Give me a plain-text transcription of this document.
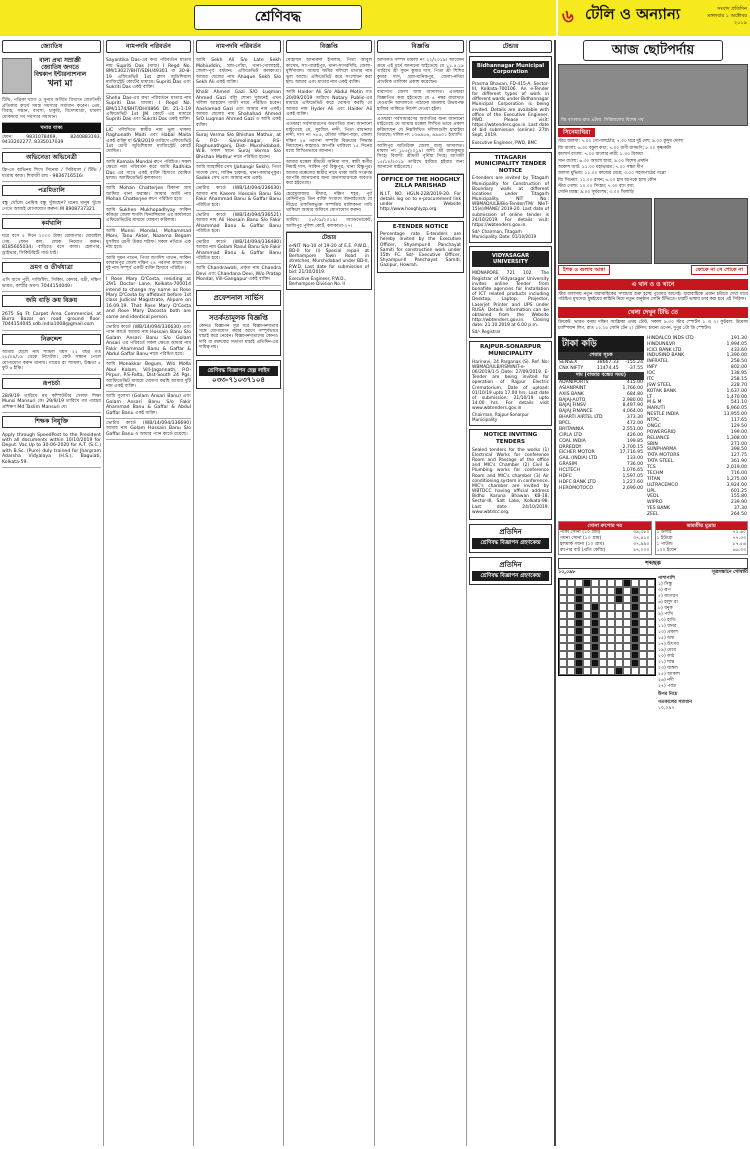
শ্রেণিবদ্ধ	৬ টেলি ও অন্যান্য	সংবাদ প্রতিদিন মঙ্গলবার ১ অক্টোবর ২০১৯
জ্যোতিষ
বাল্য প্রথা সম্রাজ্ঞী
জ্যোতিষ জগতে
বিশ্বকাপ ইন্টারন্যাশনাল
খনা মা
টিভি, পত্রিকা খ্যাত ও সুনাম অর্জিত বিখ্যাত জ্যোতিষী প্রতিকার কার্যে সমস্ত সমস্যার সমাধান করেন। প্রেম, বিবাহ, সন্তান, ব্যবসা, চাকুরি, বিদেশযাত্রা, মামলা মোকদ্দমা সব সমস্যার সমাধান।
খনার বাক্য
ফোন: 9831078469, 8240883193, 9433202277, 8335017039
অভিনেতা অভিনেত্রী
ফ্রি-তে অভিনয় শিখে সিনেমা / সিরিয়াল / টিভি / যাত্রায় কাজ। শিবাজী রায় - 9836716516।
পত্রমিতালি
বন্ধু খোঁজে প্রেমিক বন্ধু খুঁজছেন? মনের মানুষ খুঁজে পেতে আজই যোগাযোগ করুন। M 8908737321
কর্মখালি
ঘরে বসে ৫ দিনে ২০০০ টাকা রোজগার। মোবাইল গেম, ফোন কল, লোক নিয়োগ করুন। 8185605034। বাড়িতে বসে কাজ। হেলপার, ড্রাইভার, সিকিউরিটি গার্ড চাই।
ভ্রমণ ও তীর্থযাত্রা
এসি বাসে পুরী, দার্জিলিং, সিকিম, কেদার, বদ্রী, দক্ষিণ ভারত, কাশ্মীর ভ্রমণ। 7044154049।
জমি বাড়ি ক্রয় বিক্রয়
2675 Sq Ft Carpet Area Commercial, at Burra Bazar on road ground floor. 7044154045 sdb.india1008@gmail.com
নিরুদ্দেশ
আমার ছেলে নাম শ্যামল বয়স ২২ বছর গত ২৮/০৯/১৯ থেকে নিখোঁজ। কেউ সন্ধান পেলে যোগাযোগ করুন থানায়। গায়ের রং শ্যামলা, উচ্চতা ৫ ফুট ৬ ইঞ্চি।
রূপচর্চা
28/9/19 তারিখে মম কম্পিউটার সেলফ শিক্ষা Munsi Mansuri কে। 29/9/19 তারিখে গম পারচয় প্রশিক্ষণ Md Taslim Mansuri যে।
শিক্ষক নিযুক্তি
Apply through SpeedPost to the President with all documents within 10/10/2019 for Deput. Vac.Up to 30-06-2020 for A.T. (S.C.) with B.Sc. (Pure) duly trained for Jhargram Adarsha Vidyalaya (H.S.), Baguiati, Kolkata-59.
নামপদবি পরিবর্তন
Sayantika Das-এর কথা পরিবর্তনে মাতার নাম Supriti Das (মাধ্য) I Regd No. 8M/13027/BHT/SDH/49301 বা 30-8-19 এফিডেভিট 1st ক্লাস জুডিশিয়াল ম্যাজিস্ট্রেট কোর্টের মাধ্যমে। Supriti Das এবং Sukriti Das একই ব্যক্তি।
Sheha Das-এর কথা পরিবর্তনে মাতার নাম Supriti Das মাধ্যম। I Regd No. BM/1174/BHT/DH/4866 Dt. 21-1-19 এফিডেভিট 1st JM কোর্টে এর মাধ্যমে Supriti Das এবং Sukriti Das একই ব্যক্তি।
LIC পলিসিতে স্বামীর নাম ভুল থাকায় Raghunath Maiti এবং Habal Maita একই ব্যক্তি যা 6/8/2019 তারিখে এফিডেভিট 1st শ্রেণী জুডিশিয়াল ম্যাজিস্ট্রেট কোর্টে ঘোষিত।
আমি Kamala Mondal রুপে পরিচিত। সকল ক্ষেত্রে নাম পরিবর্তন করে আমি Radhika Das এর সাথে একই ব্যক্তি হিসাবে ঘোষিত হলাম। অ্যাফিডেভিট কলকাতা।
আমি Mohan Chatterjee ঠিকানা গ্রাম জাদিয়া থানা ফরাক্কা। আমার আর্মি নাম Mohan Chatterjee রুপে পরিচিত হবে।
আমি Sukhen Mukhopadhyay সাকিন কাঁকড়া জেলা হুগলি ফিনান্সিয়াল এর কার্যালয়ে এফিডেভিটের মাধ্যমে ঘোষণা করিলাম।
আমি Munni Mondal, Mohammad Moni, Tanu Akter, Nazema Begam মুসলিম শ্রেণী উত্তর শরিফ। সকল নথিতে এক নাম হবে।
আমি সুমন পাতন, পিতা জগদিশ পাতন, সাকিন বলরামপুর জেলা দক্ষিণ ২৪ পরগনা কাজে ধন্য দুই নাম সম্পূর্ণ একটি ব্যক্তি হিসাবে পরিচিত।
I Rose Mary D'Costa, residing at 29/1 Doctor Lane, Kolkata-700014 intend to change my name as Rose Mary D'Costa by affidavit before 1st class Judicial Magistrate, Alipore on 16.09.19. That Rose Mary D'Costa and Rose Mary Dacosta both are same and identical person.
ভোটার কার্ডে (WB/14/094/336630) এবং প্যান কার্ডে আমার নাম Hossain Banu S/o Golam Ansari Banu S/o Golam Ansari এর পরিবর্তে সকল ক্ষেত্রে আমার নাম Fakir Ahammad Banu & Gaffar & Abdul Gaffar Banu নামে পরিচিত হবে।
আমি Monakkar Begum, W/o Molla Abul Kalam, Vill-Jagannath, P.O-Pirpur, P.S-Falta, Dist-South 24 Pgs. অ্যাফিডেভিট মাধ্যমে ঘোষণা করছি আমার দুটি নাম একই ব্যক্তি।
আমি সুলেখা (Golam Ansari Banu) এবং Golam Ansari Banu S/o Fakir Ahammad Banu & Gaffar & Abdul Gaffar Banu একই ব্যক্তি।
ভোটার কার্ডে (WB/14/094/336690) আমার নাম Golam Hossain Banu S/o Gaffar Banu ও আমার প্যান কার্ডে রয়েছে।
নামপদবি পরিবর্তন
আমি Sekh Ali S/o Late Sekh Mohiuddin, গ্রাম-গোঁয়া, থানা-গোলাহাই, জেলা-পূর্ব বর্ধমান। এফিডেভিট কলকাতা। আমার ছেলের নাম Ahaque Sekh S/o Sekh Ali একই ব্যক্তি।
Khalil Ahmed Gazi S/O Luqman Ahmed Gazi বলি শোনা দুজনেই এখন খলিল আহমেদ গাজী নামে পরিচিত হবেন। Aashamad Gazi এবং আমার নাম একই। আমার ছেলের নাম Shahahad Ahmed S/O Luqman Ahmed Gazi ও আমি একই ব্যক্তি।
Suraj Verma S/o Bhishan Mathur, at & P.O- Sanmolinagar, P.S- Raghunathganj, Dist- Murshidabad, W.B. সকল স্থানে Suraj Verma S/o Bhishan Mathur নামে পরিচিত হবেন।
আমি জাহাঙ্গীর সেখ (Jahangir Sekh), পিতা সাদেক সেখ, সাকিন চাকদহ, থানা-কামারপুকুর। Sadek সেখ এবং আমার নাম একই।
ভোটার কার্ডে (WB/14/094/336630) আমার নাম Kasem Hossain Banu S/o Fakir Ahammad Banu & Gaffar Banu পরিচিত হবে।
ভোটার কার্ডে (WB/14/094/336521) আমার নাম Ali Hossain Banu S/o Fakir Ahammad Banu & Gaffar Banu পরিচিত হবে।
ভোটার কার্ডে (WB/14/094/336480) আমার নাম Golam Rasul Banu S/o Fakir Ahammad Banu & Gaffar Banu পরিচিত হবে।
আমি Chandrawati, প্রকৃত নাম Chandra Devi এবং Chandana Devi, W/o Pratap Mondal, Vill-Gangapur একই ব্যক্তি।
প্রফেশনাল সার্ভিস
সতর্কতামূলক বিজ্ঞপ্তি
কোনও বিজ্ঞাপন সূত্র ধরে বিজ্ঞাপনদাতার সঙ্গে যোগাযোগ করার আগে সম্পূর্ণভাবে যাচাই করে নেবেন। বিজ্ঞাপনদাতাদের কোনও দাবি বা বক্তব্যের সত্যতা যাচাই প্রতিদিন-এর দায়িত্ব নয়।
শ্রেণিবদ্ধ বিজ্ঞাপন হেল্প লাইন
০৩৩-৭১০৩৭১০৪
বিজ্ঞপ্তি
মোহাম্মদ আনারুল ইসলাম, পিতা আবুল কাসেম, সাং-বারুইপুর, থানা-সাগরদিঘি, জেলা-মুর্শিদাবাদ। আমার জমির দলিলে মাতার নাম ভুল আছে। এফিডেভিট করে সংশোধন করা হল। আমার এবং মাতার নাম একই ব্যক্তি।
আমি Haider Ali S/o Abdul Motin গত 20/09/2019 তারিখে Notary Public-এর মাধ্যমে এফিডেভিট করে ঘোষণা করছি যে আমার নাম Hyder Ali এবং Haider Ali একই ব্যক্তি।
এতদ্বারা সর্বসাধারণের অবগতির জন্য জানানো যাইতেছে যে, সুরজিৎ নন্দী, পিতা রাধানাথ নন্দী, দাগ নং ৭৮৫, মৌজা দক্ষিণপাড়া, জেলা দক্ষিণ ২৪ পরগনা সম্পত্তি বিক্রয়ের সিদ্ধান্ত নিয়াছেন। কাহারও আপত্তি থাকিলে ১৫ দিনের মধ্যে লিখিতভাবে জানান।
আমার মক্কেল শ্রীমতী অনিমা দাস, স্বামী স্বর্গীয় নিমাই দাস, সাকিন পূর্ব বিষ্ণুপুর, থানা বিষ্ণুপুর। আমার মক্কেলের স্বামীর নামে থাকা জমি সংক্রান্ত আপত্তি জানানোর জন্য জনসাধারণকে অবগত করা হইতেছে।
হেরেমবাজার দীঘার, দক্ষিণ শহর, পূর্ব মেদিনীপুর। তিন ব্যক্তি সংবাদে জানাইতেছে যে নীচের তফসিলভুক্ত সম্পত্তির মালিকানা দাবি থাকিলে আমার অফিসে যোগাযোগ করুন।
তারিখ: ২৮/০৯/২০১৯। অ্যাডভোকেট, আলিপুর পুলিশ কোর্ট, কলকাতা-২৭।
টেন্ডার
e-NIT. No-10 of 19-20 of E.E. P.W.D., BD-II for (i) Special repair at Berhampore Town Road in stretches, Murshidabad under BD-II, P.W.D. Last date for submission of bid: 21/10/2019.
Executive Engineer, P.W.D., Berhampore Division No. II
বিজ্ঞপ্তি
আদালত সম্পদ মামলা নং ২২/২০১৯। আবেদন ক্রমে এই মর্মে জানানো যাইতেছে যে ১১.৪.১৯ তারিখে শ্রী সুমন কুমার দাস, পিতা শ্রী শিশির কুমার দাস, গ্রাম-মানিকপুর, জেলা-নদিয়া প্রাথমিক তালিকা প্রকাশ করেছেন।
বারাসাত জেলা জজ আদালত। এতদ্বারা বিজ্ঞাপিত করা হইতেছে যে ৪ নম্বর বারাসাত দেওয়ানি আদালতে পাঠানো মামলায় উভয়পক্ষ হাজির থাকিতে নির্দেশ দেওয়া হইল।
এতদ্বারা সর্বসাধারণের অবগতির জন্য জানানো যাইতেছে যে আমার মক্কেল লিখিত ভাবে প্রকাশ করিয়াছেন যে নিম্নলিখিত দলিলগুলি হারাইয়া গিয়াছে। দলিল নং ১৩৬৯৫৬, ৬৯৬০১ ইত্যাদি।
আলিপুর অতিরিক্ত জেলা জজ আদালত। মামলা নং ১৮৫/২০১৯। বাদী: শ্রী রাজকুমার সিংহ। বিবাদী: শ্রীমতী পূর্ণিমা সিংহ। আগামী ১৫/১০/২০১৯ তারিখে হাজির হইবার জন্য জানানো যাইতেছে।
OFFICE OF THE HOOGHLY ZILLA PARISHAD
N.I.T. NO. HGLN-228/2019-20. For details log on to e-procurement link under Website http://www.hooghlyzp.org
E-TENDER NOTICE
Percentage rate E-tenders are hereby invited by the Executive Officer, Shyampur-II Panchayat Samiti for construction work under 15th FC. Sd/- Executive Officer, Shyampur-II Panchayat Samiti, Gazipur, Howrah.
টেন্ডার
Bidhannagar Municipal Corporation
Prasma Bhavan, FD-415-A, Sector-III, Kolkata-700106. An e-Tender for different types of work in different wards under Bidhannagar Municipal Corporation is being invited. Details are available with office of the Executive Engineer, PWD. Please visit: https://wbtenders.gov.in. Last date of bid submission (online): 27th Sept, 2019.
Executive Engineer, PWD, BMC
TITAGARH MUNICIPALITY TENDER NOTICE
E-tenders are invited by Titagarh Municipality for Construction of Boundary walls at different locations under Titagarh Municipality. NIT No.: WBMAD/ULB/Bio-Tender/TM/ NIeT-15(e)/MANE/ 2019-20. Last date of submission of online tender is 24/10/2019. For details visit: https://wbtenders.gov.in.
Sd/- Chairman, Titagarh Municipality. Date: 01/10/2019
VIDYASAGAR UNIVERSITY
MIDNAPORE 721 102. The Registrar of Vidyasagar University invites online Tender from bonafide agencies for Installation of ICT related products including Desktop, Laptop, Projector, Laserjet Printer and UPS under RUSA. Details information can be obtained from the Website http://wbtenders.gov.in. Closing date: 21.10.2019 at 6.00 p.m.
Sd/- Registrar
RAJPUR-SONARPUR MUNICIPALITY
Harinavi, 24 Parganas (S). Ref. No: WBMAD/ULB/RSM/NIT-e-06/2019/1-5 Date: 27/09/2019. E-Tender are being invited for operation of Rajpur Electric Crematorium. Date of upload: 01/10/19 upto 17.00 hrs. Last date of submission: 21/10/19 upto 14.00 hrs. For details visit www.wbtenders.gov.in
Chairman, Rajpur-Sonarpur Municipality
NOTICE INVITING TENDERS
Sealed tenders for the works (1) Electrical Works for conference Room and Passage of the office and MIC's Chamber (2) Civil & Plumbing works for conference Room and MIC's chamber (3) Air conditioning system in conference, MIC's chamber are invited by WBTDCC having official address Bidhu Karuna Bhawan KB-18, Sector-III, Salt Lake, Kolkata-98. Last date 24/10/2019. www.wbtdcc.org.
প্রতিদিন
শ্রেণিবদ্ধ বিজ্ঞাপন গ্রহণকেন্দ্র
প্রতিদিন
শ্রেণিবদ্ধ বিজ্ঞাপন গ্রহণকেন্দ্র
আজ ছোটপর্দায়
জি বাংলায় রাত ৯টায়: সিরিয়ালের বিশেষ পর্ব
সিনেমাঘিরা

স্টার জলসা: ৭.০০ গোপালচৌর; ৭.৩০ ঘরে দুই দেশ; ৯.০০ কুসুম দোলা

জি বাংলা: ৬.৩০ বকুল কথা; ৭.০০ রাণী রাসমণি; ৮.০০ কৃষ্ণকলি

কালার্স বাংলা: ৭.০০ বাংলার নারী; ৮.৩০ বিজয়া

সান বাংলা: ৬.৩০ আলো ছায়া; ৯.০০ বিশেষ প্রদর্শন

আকাশ আট: ১১.০০ মহাভারত; ৭.০০ সন্ধ্যা দীপ

জলসা মুভিজ: ১১.০০ কাজের মেয়ে; ৩.০০ সহজপাঠের গপ্পো

জি সিনেমা: ১২.০০ রাবন; ৬.০০ হাম আপকে হ্যায় কৌন

স্টার গোল্ড: ১০.০০ সিংহম; ৭.৩০ ব্যাং ব্যাং

সোনি ম্যাক্স: ৯.০০ সূর্যবংশম; ৩.০০ খিলাড়ি

ইশক ও গুলাব আন্না	ফোকে না সে শোকে না
এ খান ও ও খানে
স্টার জলসায় নতুন ধারাবাহিকের সম্প্রচার শুরু হচ্ছে পুজোর আগেই। ধারাবাহিকে প্রধান চরিত্রে দেখা যাবে পরিচিত মুখদের। মুম্বইয়ের কাহিনি নিয়ে নতুন অনুষ্ঠান সোনি টিভিতে। চারটি ভাষায় ডাব করা হবে এই সিরিজ।
খেলা দেখুন টিভি তে
ক্রিকেট: ভারত বনাম দক্ষিণ আফ্রিকা প্রথম টেস্ট, সকাল ৯.৩০ স্টার স্পোর্টস ১ ও ২। ফুটবল: উয়েফা চ্যাম্পিয়ন্স লিগ, রাত ১২.২৫ সোনি টেন ২। টেনিস: চায়না ওপেন, দুপুর ১টা ডি স্পোর্টস।
টাকা কড়ি
শেয়ার সূচক
SENSEX	38667.33	-155.24
CNX NIFTY	11474.45	-37.55
দাম (বাজার বন্ধের সময়)
ADANIPORTS	415.00
ASIANPAINT	1,766.00
AXIS BANK	684.80
BAJAJ-AUTO	2,980.00
BAJAJ FINSV	8,497.90
BAJAJ FINANCE	4,064.00
BHARTI AIRTEL LTD	373.30
BPCL	472.00
BRITANNIA	2,551.00
CIPLA LTD	426.00
COAL INDIA	199.85
DRREDDY	2,700.15
EICHER MOTOR	17,716.95
GAIL (INDIA) LTD	133.00
GRASIM	736.00
HCLTECH	1,076.65
HDFC	1,597.05
HDFC BANK LTD	1,227.60
HEROMOTOCO	2,690.00
HINDALCO INDS LTD	191.30
HINDUNILVR	1,994.05
ICICI BANK LTD	433.60
INDUSIND BANK	1,390.00
INFRATEL	258.50
INFY	802.00
IOC	138.95
ITC	258.15
JSW STEEL	228.70
KOTAK BANK	1,637.00
LT	1,470.00
M & M	541.10
MARUTI	6,960.05
NESTLE INDIA	13,955.00
NTPC	117.65
ONGC	129.50
POWERGRID	199.00
RELIANCE	1,308.00
SBIN	271.00
SUNPHARMA	398.50
TATA MOTORS	127.75
TATA STEEL	361.90
TCS	2,019.00
TECHM	716.00
TITAN	1,275.00
ULTRACEMCO	3,924.00
UPL	601.25
VEDL	155.80
WIPRO	239.90
YES BANK	37.30
ZEEL	264.50
সোনা রুপোর দর
পাকা সোনা (১০ গ্রাম)	৩৯,৩৮০
গয়না সোনা (১০ গ্রাম)	৩৭,৪১০
হলমার্ক গয়না (১০ গ্রাম)	৩৭,৯৯০
রুপোর বাট (প্রতি কেজি)	৪৭,০০০
ভারতীয় মুদ্রায়
১ ডলার	৭১.৬০
১ ইউরো	৭৭.৩৩
১ পাউন্ড	৮৭.৫৬
১০০ ইয়েন	৬৬.৩৩
শব্দছক
১০,০৯৮	সূত্রসন্ধানে গোস্বামী
পাশাপাশি
১) সিন্ধু
৩) রূপ
৫) জাগরণ
৬) হলুদ রং
৮) ধনুক
৯) পাখি
১০) হাতি
১১) বানর
১৩) প্রকাশ
১৫) অশ্ব
১৭) উৎসব
১৯) মেয়ে
২০) কাঠ
২১) শান্ত
২৩) জঙ্গল
২৫) আকাশ
২৬) নদী
২৭) পর্বত
উপর নিচে
গতকালের সমাধান
১০,০৯৭
